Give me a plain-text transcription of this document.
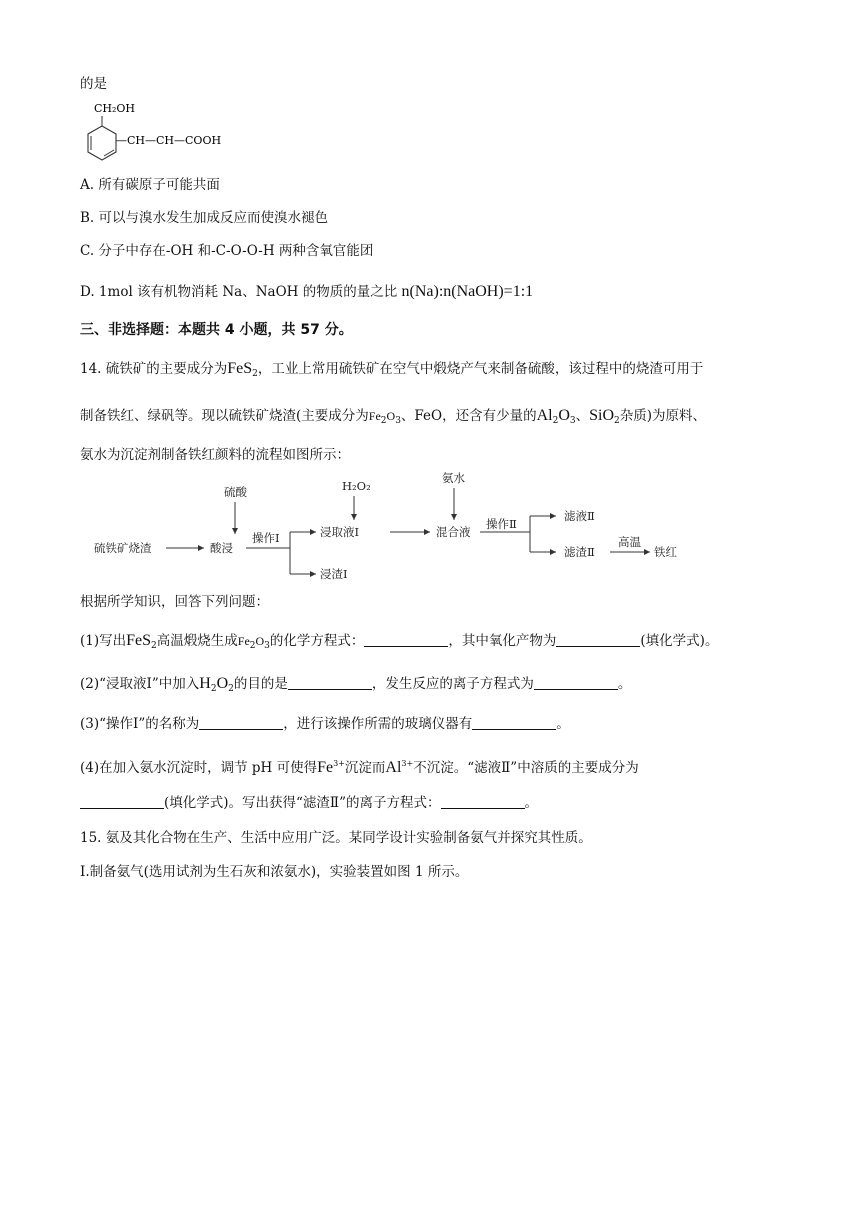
的是
CH₂OH
—CH—CH—COOH
A. 所有碳原子可能共面
B. 可以与溴水发生加成反应而使溴水褪色
C. 分子中存在-OH 和-C-O-O-H 两种含氧官能团
D. 1mol 该有机物消耗 Na、NaOH 的物质的量之比 n(Na):n(NaOH)=1:1
三、非选择题：本题共 4 小题，共 57 分。
14. 硫铁矿的主要成分为FeS$_2$，工业上常用硫铁矿在空气中煅烧产气来制备硫酸，该过程中的烧渣可用于
制备铁红、绿矾等。现以硫铁矿烧渣(主要成分为$Fe_2O_3$、FeO，还含有少量的$Al_2O_3$、SiO$_2$杂质)为原料、
氨水为沉淀剂制备铁红颜料的流程如图所示：
硫铁矿烧渣
硫酸
酸浸
操作Ⅰ
浸渣Ⅰ
H₂O₂
浸取液Ⅰ
氨水
混合液
操作Ⅱ
滤液Ⅱ
滤渣Ⅱ
高温
铁红
根据所学知识，回答下列问题：
(1)写出FeS$_2$高温煅烧生成$Fe_2O_3$的化学方程式：	，其中氧化产物为	(填化学式)。
(2)“浸取液Ⅰ”中加入$H_2O_2$的目的是	，发生反应的离子方程式为	。
(3)“操作Ⅰ”的名称为	，进行该操作所需的玻璃仪器有	。
(4)在加入氨水沉淀时，调节 pH 可使得$Fe^{3+}$沉淀而$Al^{3+}$不沉淀。“滤液Ⅱ”中溶质的主要成分为
(填化学式)。写出获得“滤渣Ⅱ”的离子方程式：	。
15. 氨及其化合物在生产、生活中应用广泛。某同学设计实验制备氨气并探究其性质。
Ⅰ.制备氨气(选用试剂为生石灰和浓氨水)，实验装置如图 1 所示。
